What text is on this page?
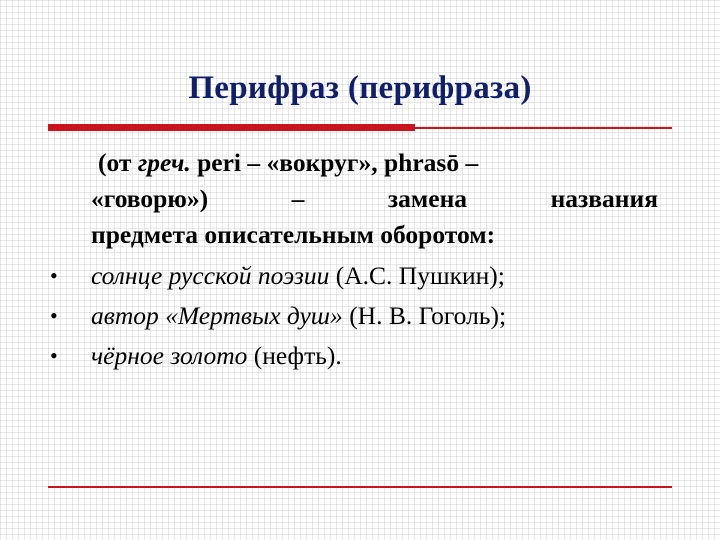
Перифраз (перифраза)
(от греч. peri – «вокруг», phrasō –
«говорю») – замена названия
предмета описательным оборотом:
• солнце русской поэзии (А.С. Пушкин);
• автор «Мертвых душ» (Н. В. Гоголь);
• чёрное золото (нефть).
